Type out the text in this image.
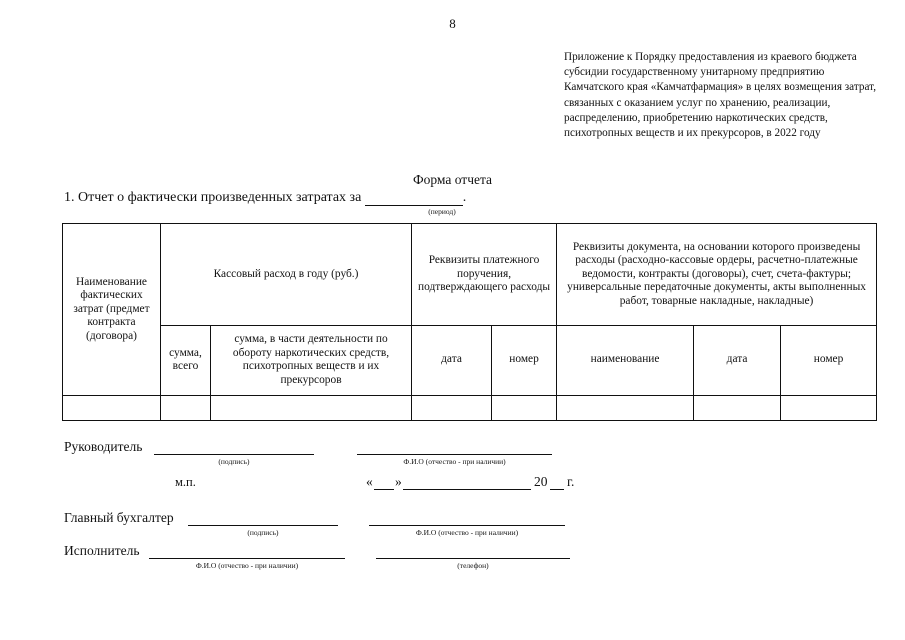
8
Приложение к Порядку предоставления из краевого бюджета субсидии государственному унитарному предприятию Камчатского края «Камчатфармация» в целях возмещения затрат, связанных с оказанием услуг по хранению, реализации, распределению, приобретению наркотических средств, психотропных веществ и их прекурсоров, в 2022 году
Форма отчета
1. Отчет о фактически произведенных затратах за	.
(период)
Наименование фактических затрат (предмет контракта (договора)	Кассовый расход в году (руб.)		Реквизиты платежного поручения, подтверждающего расходы		Реквизиты документа, на основании которого произведены расходы (расходно-кассовые ордеры, расчетно-платежные ведомости, контракты (договоры), счет, счета-фактуры; универсальные передаточные документы, акты выполненных работ, товарные накладные, накладные)		
	сумма, всего	сумма, в части деятельности по обороту наркотических средств, психотропных веществ и их прекурсоров	дата	номер	наименование	дата	номер

Руководитель
(подпись)	Ф.И.О (отчество - при наличии)
м.п.	« »	20 г.
Главный бухгалтер
(подпись)	Ф.И.О (отчество - при наличии)
Исполнитель
Ф.И.О (отчество - при наличии)	(телефон)
